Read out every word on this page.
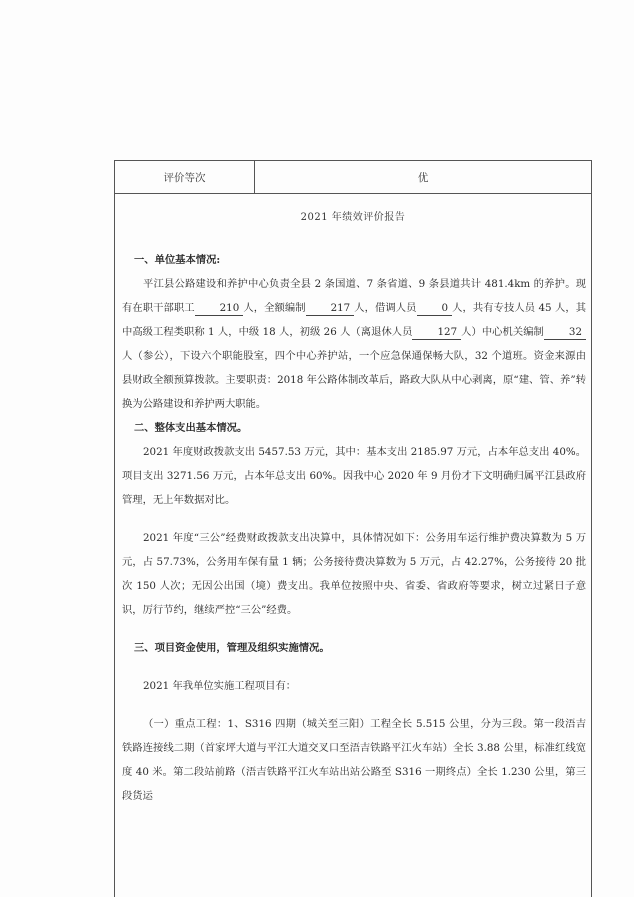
评价等次	优
2021 年绩效评价报告

一、单位基本情况:

平江县公路建设和养护中心负责全县 2 条国道、7 条省道、9 条县道共计 481.4km 的养护。现有在职干部职工 210 人，全额编制 217 人，借调人员 0 人，共有专技人员 45 人，其中高级工程类职称 1 人，中级 18 人，初级 26 人（离退休人员 127 人）中心机关编制 32人（参公），下设六个职能股室，四个中心养护站，一个应急保通保畅大队，32 个道班。资金来源由县财政全额预算拨款。主要职责：2018 年公路体制改革后，路政大队从中心剥离，原“建、管、养”转换为公路建设和养护两大职能。

二、整体支出基本情况。

2021 年度财政拨款支出 5457.53 万元，其中：基本支出 2185.97 万元，占本年总支出 40%。项目支出 3271.56 万元，占本年总支出 60%。因我中心 2020 年 9 月份才下文明确归属平江县政府管理，无上年数据对比。

2021 年度“三公”经费财政拨款支出决算中，具体情况如下：公务用车运行维护费决算数为 5 万元，占 57.73%，公务用车保有量 1 辆；公务接待费决算数为 5 万元，占 42.27%，公务接待 20 批次 150 人次；无因公出国（境）费支出。我单位按照中央、省委、省政府等要求，树立过紧日子意识，厉行节约，继续严控“三公”经费。

三、项目资金使用，管理及组织实施情况。

2021 年我单位实施工程项目有：

（一）重点工程：1、S316 四期（城关至三阳）工程全长 5.515 公里，分为三段。第一段浯吉铁路连接线二期（首家坪大道与平江大道交叉口至浯吉铁路平江火车站）全长 3.88 公里，标准红线宽度 40 米。第二段站前路（浯吉铁路平江火车站出站公路至 S316 一期终点）全长 1.230 公里，第三段货运
